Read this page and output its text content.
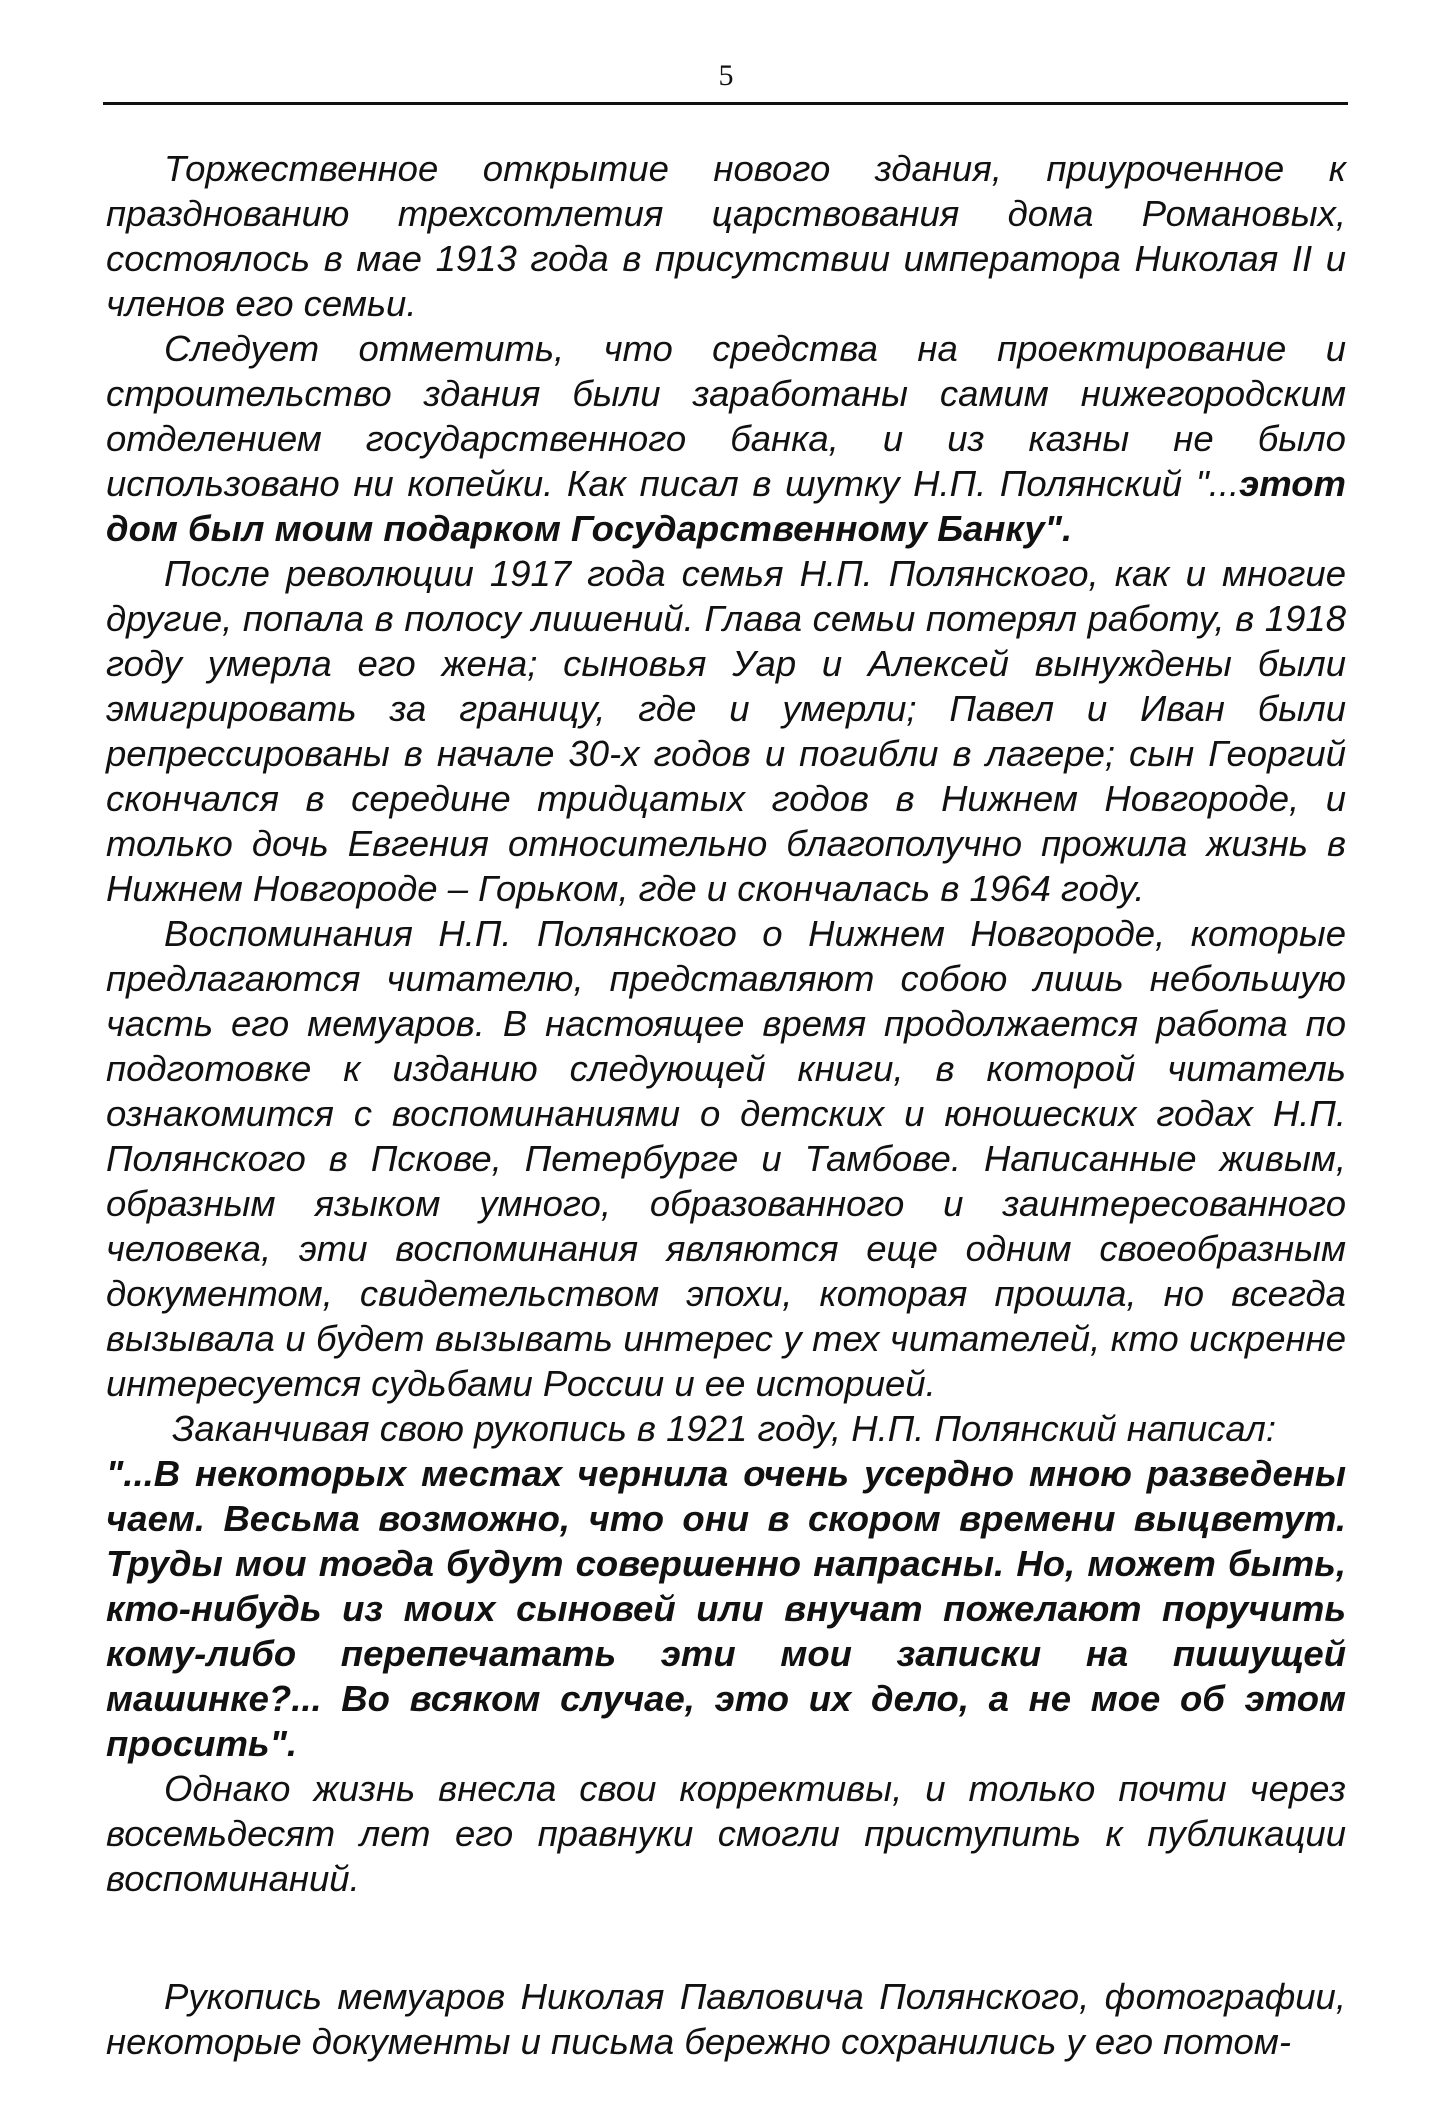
5

Торжественное открытие нового здания, приуроченное к празднованию трехсотлетия царствования дома Романовых, состоялось в мае 1913 года в присутствии императора Николая II и членов его семьи.

Следует отметить, что средства на проектирование и строительство здания были заработаны самим нижегородским отделением государственного банка, и из казны не было использовано ни копейки. Как писал в шутку Н.П. Полянский "...этот дом был моим подарком Государственному Банку".

После революции 1917 года семья Н.П. Полянского, как и многие другие, попала в полосу лишений. Глава семьи потерял работу, в 1918 году умерла его жена; сыновья Уар и Алексей вынуждены были эмигрировать за границу, где и умерли; Павел и Иван были репрессированы в начале 30-х годов и погибли в лагере; сын Георгий скончался в середине тридцатых годов в Нижнем Новгороде, и только дочь Евгения относительно благополучно прожила жизнь в Нижнем Новгороде – Горьком, где и скончалась в 1964 году.

Воспоминания Н.П. Полянского о Нижнем Новгороде, которые предлагаются читателю, представляют собою лишь небольшую часть его мемуаров. В настоящее время продолжается работа по подготовке к изданию следующей книги, в которой читатель ознакомится с воспоминаниями о детских и юношеских годах Н.П. Полянского в Пскове, Петербурге и Тамбове. Написанные живым, образным языком умного, образованного и заинтересованного человека, эти воспоминания являются еще одним своеобразным документом, свидетельством эпохи, которая прошла, но всегда вызывала и будет вызывать интерес у тех читателей, кто искренне интересуется судьбами России и ее историей.

Заканчивая свою рукопись в 1921 году, Н.П. Полянский написал:

"...В некоторых местах чернила очень усердно мною разведены чаем. Весьма возможно, что они в скором времени выцветут. Труды мои тогда будут совершенно напрасны. Но, может быть, кто-нибудь из моих сыновей или внучат пожелают поручить кому-либо перепечатать эти мои записки на пишущей машинке?... Во всяком случае, это их дело, а не мое об этом просить".

Однако жизнь внесла свои коррективы, и только почти через восемьдесят лет его правнуки смогли приступить к публикации воспоминаний.

Рукопись мемуаров Николая Павловича Полянского, фотографии, некоторые документы и письма бережно сохранились у его потом-
